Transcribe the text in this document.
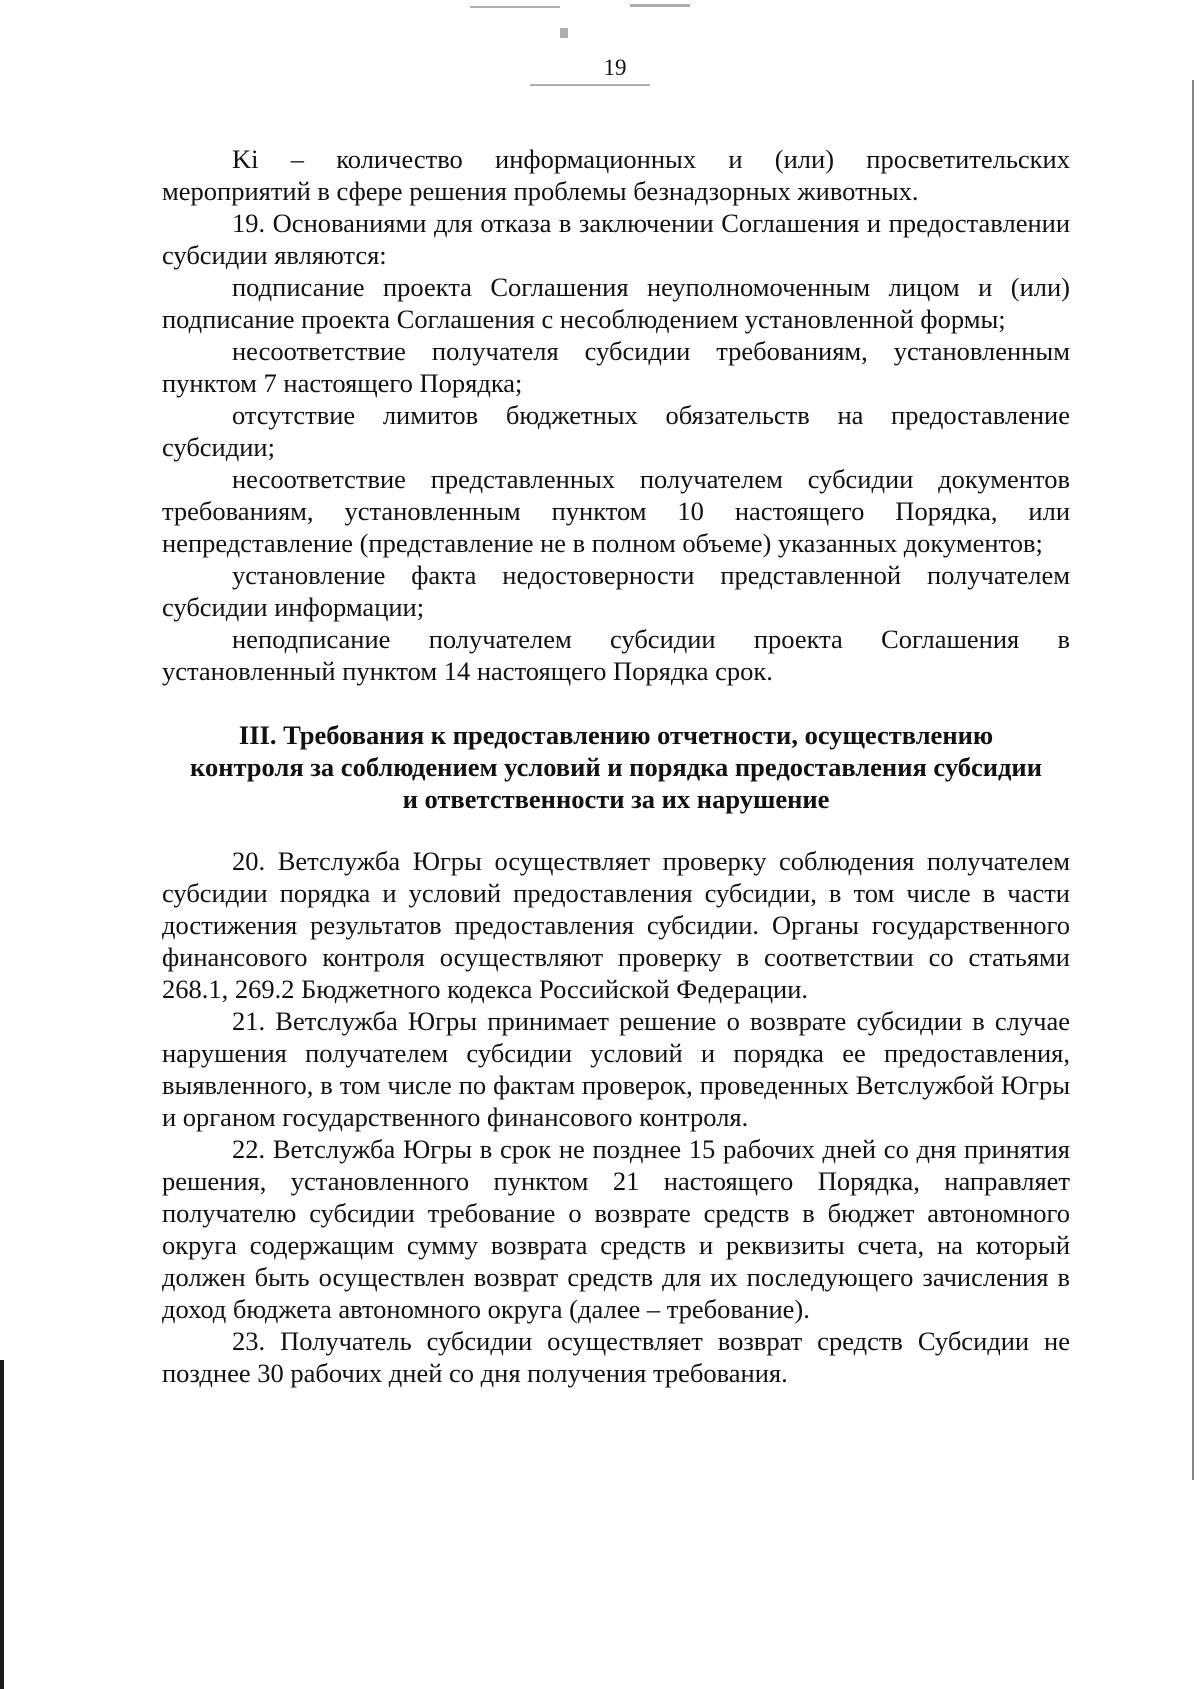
19

Ki – количество информационных и (или) просветительских мероприятий в сфере решения проблемы безнадзорных животных.

19. Основаниями для отказа в заключении Соглашения и предоставлении субсидии являются:

подписание проекта Соглашения неуполномоченным лицом и (или) подписание проекта Соглашения с несоблюдением установленной формы;

несоответствие получателя субсидии требованиям, установленным пунктом 7 настоящего Порядка;

отсутствие лимитов бюджетных обязательств на предоставление субсидии;

несоответствие представленных получателем субсидии документов требованиям, установленным пунктом 10 настоящего Порядка, или непредставление (представление не в полном объеме) указанных документов;

установление факта недостоверности представленной получателем субсидии информации;

неподписание получателем субсидии проекта Соглашения в установленный пунктом 14 настоящего Порядка срок.

III. Требования к предоставлению отчетности, осуществлению
контроля за соблюдением условий и порядка предоставления субсидии
и ответственности за их нарушение

20. Ветслужба Югры осуществляет проверку соблюдения получателем субсидии порядка и условий предоставления субсидии, в том числе в части достижения результатов предоставления субсидии. Органы государственного финансового контроля осуществляют проверку в соответствии со статьями 268.1, 269.2 Бюджетного кодекса Российской Федерации.

21. Ветслужба Югры принимает решение о возврате субсидии в случае нарушения получателем субсидии условий и порядка ее предоставления, выявленного, в том числе по фактам проверок, проведенных Ветслужбой Югры и органом государственного финансового контроля.

22. Ветслужба Югры в срок не позднее 15 рабочих дней со дня принятия решения, установленного пунктом 21 настоящего Порядка, направляет получателю субсидии требование о возврате средств в бюджет автономного округа содержащим сумму возврата средств и реквизиты счета, на который должен быть осуществлен возврат средств для их последующего зачисления в доход бюджета автономного округа (далее – требование).

23. Получатель субсидии осуществляет возврат средств Субсидии не позднее 30 рабочих дней со дня получения требования.
